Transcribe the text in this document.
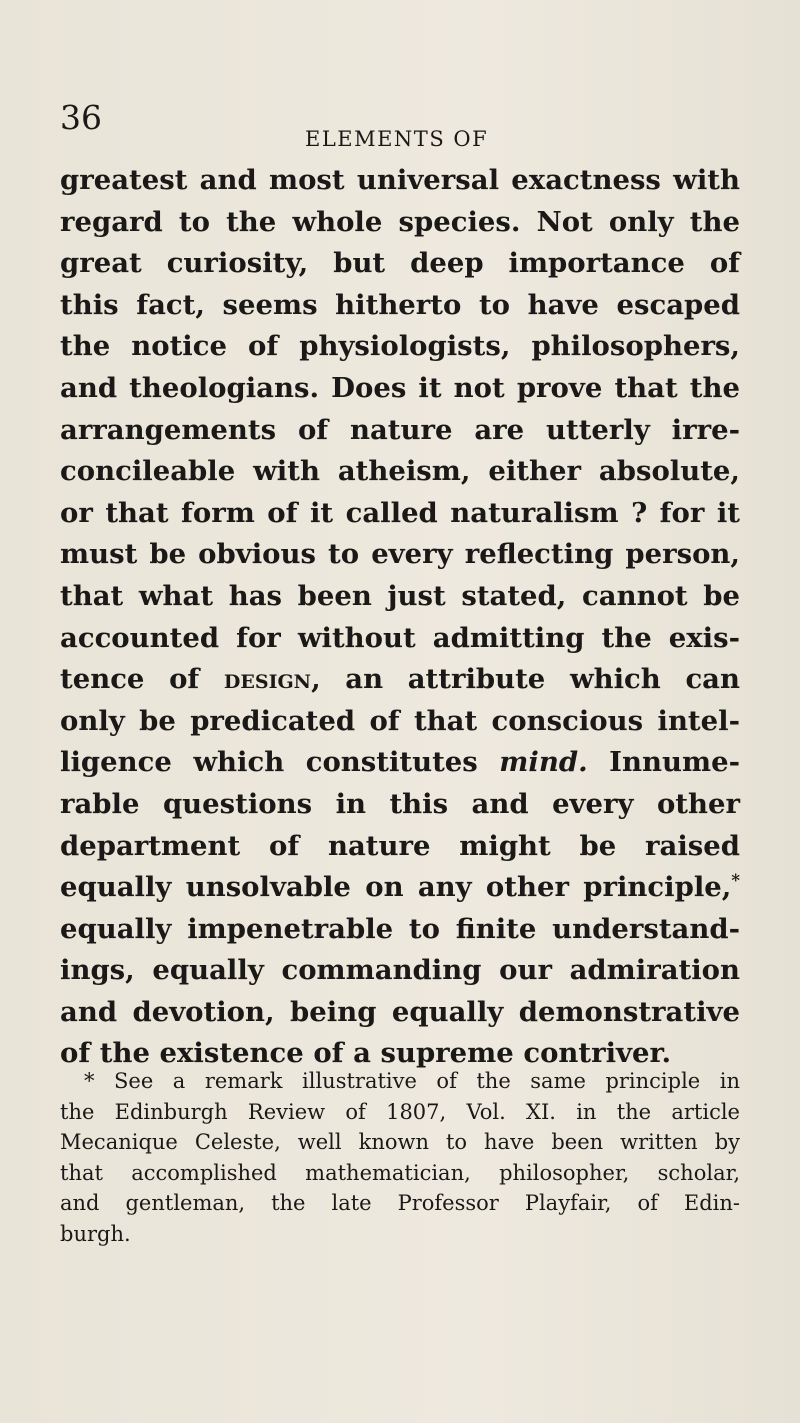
36
ELEMENTS OF
greatest and most universal exactness with
regard to the whole species. Not only the
great curiosity, but deep importance of
this fact, seems hitherto to have escaped
the notice of physiologists, philosophers,
and theologians. Does it not prove that the
arrangements of nature are utterly irre-
concileable with atheism, either absolute,
or that form of it called naturalism ? for it
must be obvious to every reflecting person,
that what has been just stated, cannot be
accounted for without admitting the exis-
tence of design, an attribute which can
only be predicated of that conscious intel-
ligence which constitutes mind. Innume-
rable questions in this and every other
department of nature might be raised
equally unsolvable on any other principle,*
equally impenetrable to finite understand-
ings, equally commanding our admiration
and devotion, being equally demonstrative
of the existence of a supreme contriver.
* See a remark illustrative of the same principle in
the Edinburgh Review of 1807, Vol. XI. in the article
Mecanique Celeste, well known to have been written by
that accomplished mathematician, philosopher, scholar,
and gentleman, the late Professor Playfair, of Edin-
burgh.
